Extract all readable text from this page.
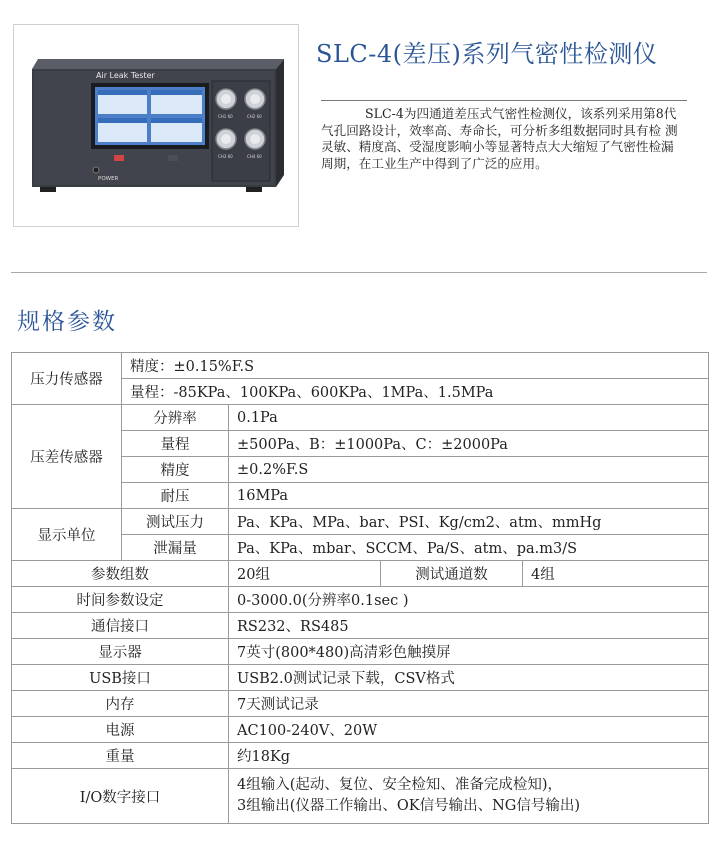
Air Leak Tester
POWER
CH1 60	CH2 60
CH3 60	CH4 60
SLC-4(差压)系列气密性检测仪
SLC-4为四通道差压式气密性检测仪，该系列采用第8代气孔回路设计，效率高、寿命长，可分析多组数据同时具有检 测灵敏、精度高、受湿度影响小等显著特点大大缩短了气密性检漏周期，在工业生产中得到了广泛的应用。
规格参数
压力传感器	精度：±0.15%F.S			
	量程：-85KPa、100KPa、600KPa、1MPa、1.5MPa			
压差传感器	分辨率	0.1Pa		
	量程	±500Pa、B：±1000Pa、C：±2000Pa		
	精度	±0.2%F.S		
	耐压	16MPa		
显示单位	测试压力	Pa、KPa、MPa、bar、PSI、Kg/cm2、atm、mmHg		
	泄漏量	Pa、KPa、mbar、SCCM、Pa/S、atm、pa.m3/S		
参数组数		20组	测试通道数	4组
时间参数设定		0-3000.0(分辨率0.1sec )		
通信接口		RS232、RS485		
显示器		7英寸(800*480)高清彩色触摸屏		
USB接口		USB2.0测试记录下载，CSV格式		
内存		7天测试记录		
电源		AC100-240V、20W		
重量		约18Kg		
I/O数字接口		4组输入(起动、复位、安全检知、准备完成检知)，
3组输出(仪器工作输出、OK信号输出、NG信号输出)		
